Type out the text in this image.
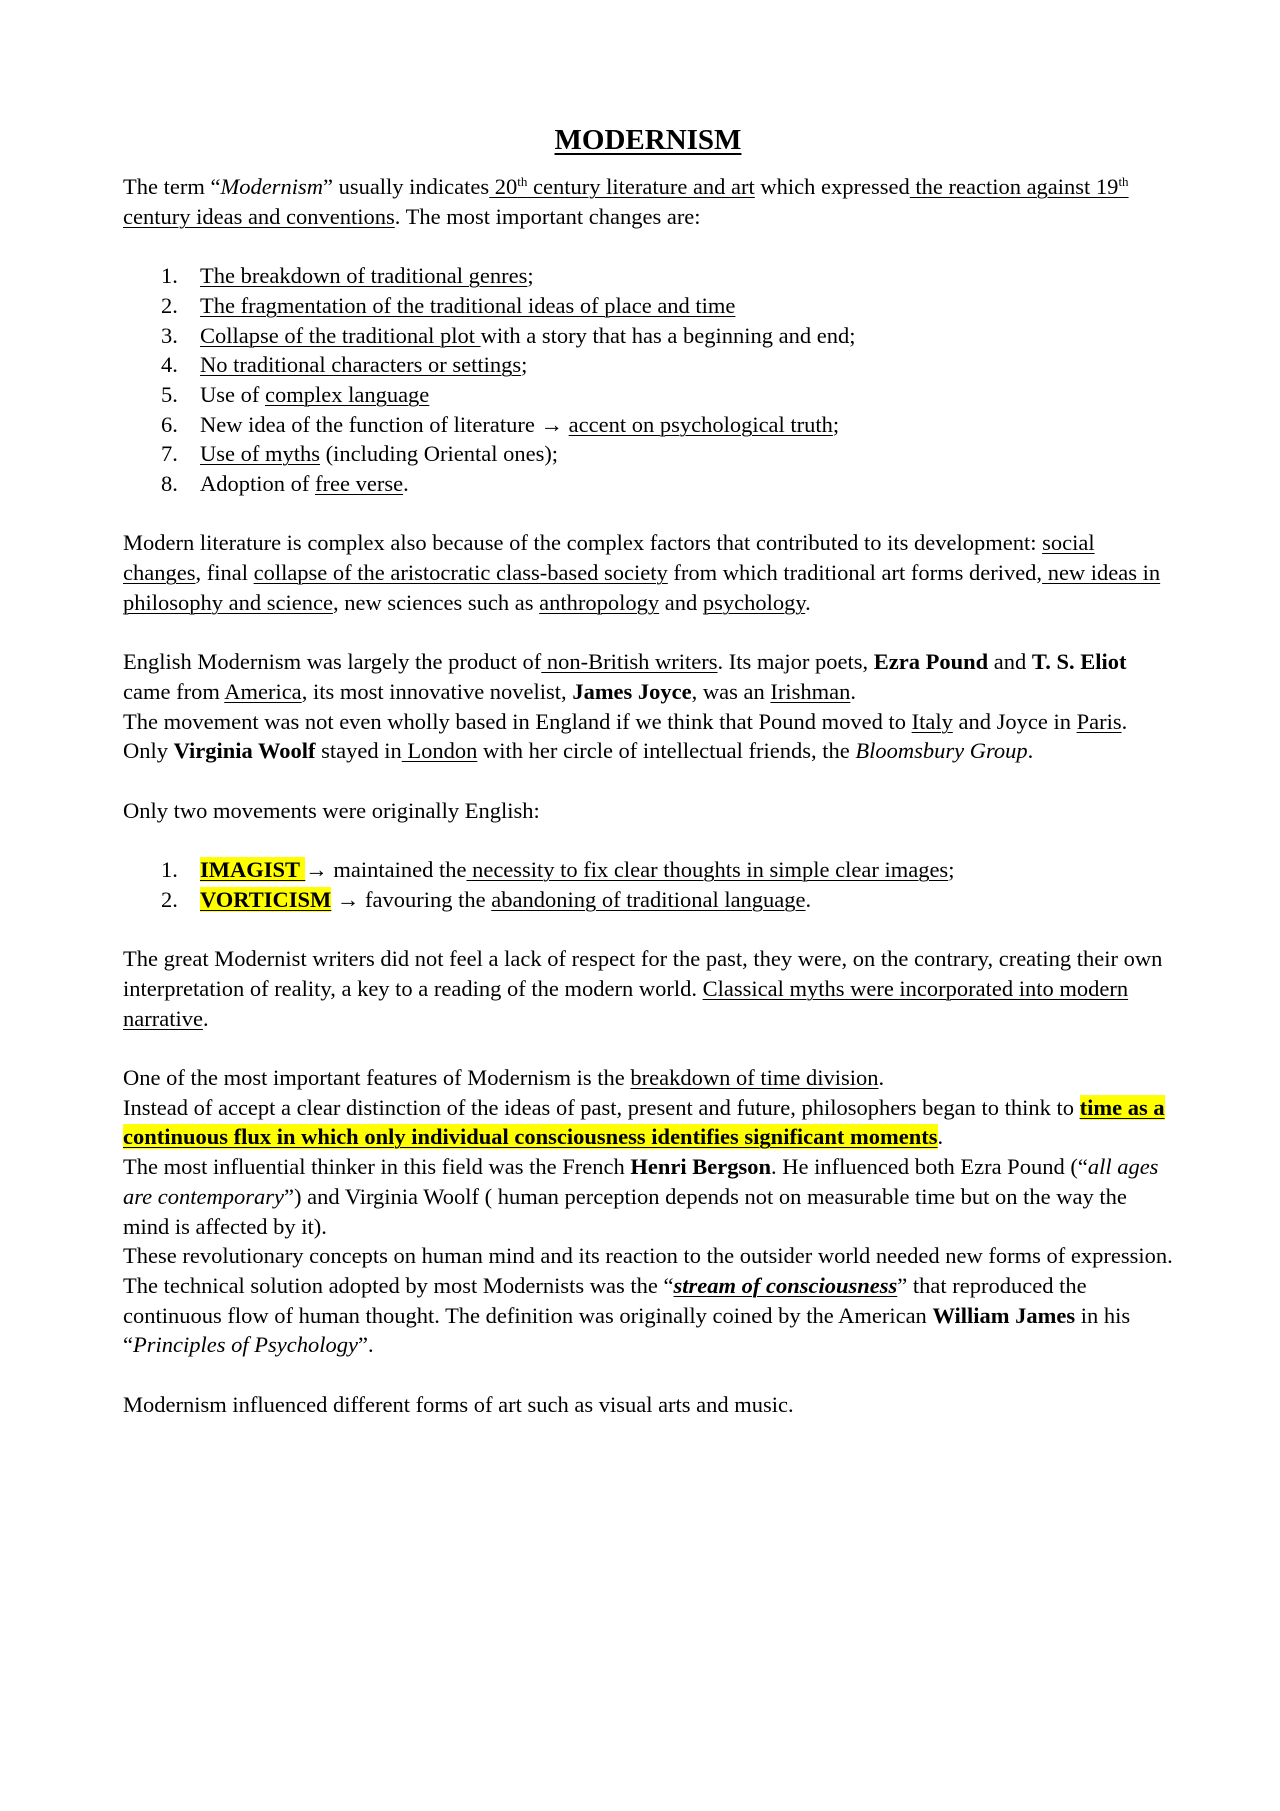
MODERNISM

The term “Modernism” usually indicates 20th century literature and art which expressed the reaction against 19th century ideas and conventions. The most important changes are:

1. The breakdown of traditional genres;
2. The fragmentation of the traditional ideas of place and time
3. Collapse of the traditional plot with a story that has a beginning and end;
4. No traditional characters or settings;
5. Use of complex language
6. New idea of the function of literature → accent on psychological truth;
7. Use of myths (including Oriental ones);
8. Adoption of free verse.

Modern literature is complex also because of the complex factors that contributed to its development: social changes, final collapse of the aristocratic class-based society from which traditional art forms derived, new ideas in philosophy and science, new sciences such as anthropology and psychology.

English Modernism was largely the product of non-British writers. Its major poets, Ezra Pound and T. S. Eliot came from America, its most innovative novelist, James Joyce, was an Irishman.
The movement was not even wholly based in England if we think that Pound moved to Italy and Joyce in Paris. Only Virginia Woolf stayed in London with her circle of intellectual friends, the Bloomsbury Group.

Only two movements were originally English:

1. IMAGIST → maintained the necessity to fix clear thoughts in simple clear images;
2. VORTICISM → favouring the abandoning of traditional language.

The great Modernist writers did not feel a lack of respect for the past, they were, on the contrary, creating their own interpretation of reality, a key to a reading of the modern world. Classical myths were incorporated into modern narrative.

One of the most important features of Modernism is the breakdown of time division.
Instead of accept a clear distinction of the ideas of past, present and future, philosophers began to think to time as a continuous flux in which only individual consciousness identifies significant moments.
The most influential thinker in this field was the French Henri Bergson. He influenced both Ezra Pound (“all ages are contemporary”) and Virginia Woolf ( human perception depends not on measurable time but on the way the mind is affected by it).
These revolutionary concepts on human mind and its reaction to the outsider world needed new forms of expression. The technical solution adopted by most Modernists was the “stream of consciousness” that reproduced the continuous flow of human thought. The definition was originally coined by the American William James in his “Principles of Psychology”.

Modernism influenced different forms of art such as visual arts and music.
